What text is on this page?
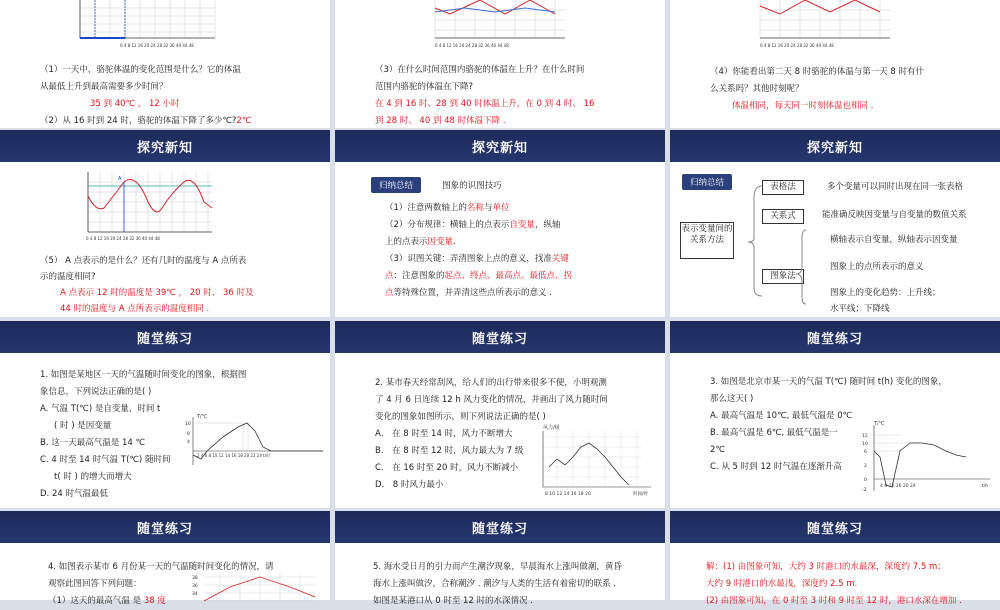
0 4 8 12 16 20 24 28 32 36 40 44 48

（1）一天中，骆驼体温的变化范围是什么？它的体温

从最低上升到最高需要多少时间？

35 到 40℃ ， 12 小时

（2）从 16 时到 24 时，骆驼的体温下降了多少℃?2℃

0 4 8 12 16 20 24 28 32 36 40 44 48

（3）在什么时间范围内骆驼的体温在上升？在什么时间

范围内骆驼的体温在下降?

在 4 到 16 时、28 到 40 时体温上升，在 0 到 4 时、 16

到 28 时、 40 到 48 时体温下降 .

0 4 8 12 16 20 24 28 32 36 40 44 48

（4）你能看出第二天 8 时骆驼的体温与第一天 8 时有什

么关系吗？其他时刻呢？

体温相同，每天同一时刻体温也相同 .

探究新知
A
0 4 8 12 16 20 24 28 32 36 40 44 48

（5） A 点表示的是什么？还有几时的温度与 A 点所表

示的温度相同?

A 点表示 12 时的温度是 39℃ ， 20 时、 36 时及

44 时的温度与 A 点所表示的温度相同 .

探究新知
归纳总结	图象的识图技巧

（1）注意两数轴上的名称与单位

（2）分布规律：横轴上的点表示自变量，纵轴

上的点表示因变量.

（3）识图关键：弄清图象上点的意义，找准关键

点：注意图象的起点、终点、最高点、最低点、拐

点等特殊位置，并弄清这些点所表示的意义 .

探究新知
归纳总结
表示变量间的关系方法
表格法
关系式
图象法
多个变量可以同时出现在同一张表格
能准确反映因变量与自变量的数值关系
横轴表示自变量，纵轴表示因变量
图象上的点所表示的意义
图象上的变化趋势：上升线；
水平线；下降线
随堂练习

1. 如图是某地区一天的气温随时间变化的图象，根据图

象信息，下列说法正确的是( )

A. 气温 T(℃) 是自变量，时间 t

( 时 ) 是因变量

B. 这一天最高气温是 14 ℃

C. 4 时至 14 时气温 T(℃) 随时间

t( 时 ) 的增大而增大

D. 24 时气温最低

T/℃
10
8
4
2 4 6 8 10 12 14 16 18 20 22 24 t/时
随堂练习

2. 某市春天经常刮风，给人们的出行带来很多不便，小明观测

了 4 月 6 日连续 12 h 风力变化的情况，并画出了风力随时间

变化的图象如图所示，则下列说法正确的是( )

A． 在 8 时至 14 时，风力不断增大

B． 在 8 时至 12 时，风力最大为 7 级

C． 在 16 时至 20 时，风力不断减小

D． 8 时风力最小

风力/级
8 10 12 14 16 18 20	时间/时
随堂练习

3. 如图是北京市某一天的气温 T(℃) 随时间 t(h) 变化的图象，

那么这天( )

A. 最高气温是 10℃, 最低气温是 0℃

B. 最高气温是 6℃, 最低气温是一

2℃

C. 从 5 时到 12 时气温在逐渐升高

T/℃
12
10
6
2
0
-2
4 8 12 16 20 24	t/h
随堂练习

4. 如图表示某市 6 月份某一天的气温随时间变化的情况，请

观察此图回答下列问题：

（1）这天的最高气温 是 38 度

38
36
34
随堂练习

5. 海水受日月的引力而产生潮汐现象，早晨海水上涨叫做潮，黄昏

海水上涨叫做汐，合称潮汐 . 潮汐与人类的生活有着密切的联系 .

如图是某港口从 0 时至 12 时的水深情况 .

随堂练习

解：(1) 由图象可知，大约 3 时港口的水最深，深度约 7.5 m；

大约 9 时港口的水最浅，深度约 2.5 m.

(2) 由图象可知，在 0 时至 3 时和 9 时至 12 时，港口水深在增加 .
